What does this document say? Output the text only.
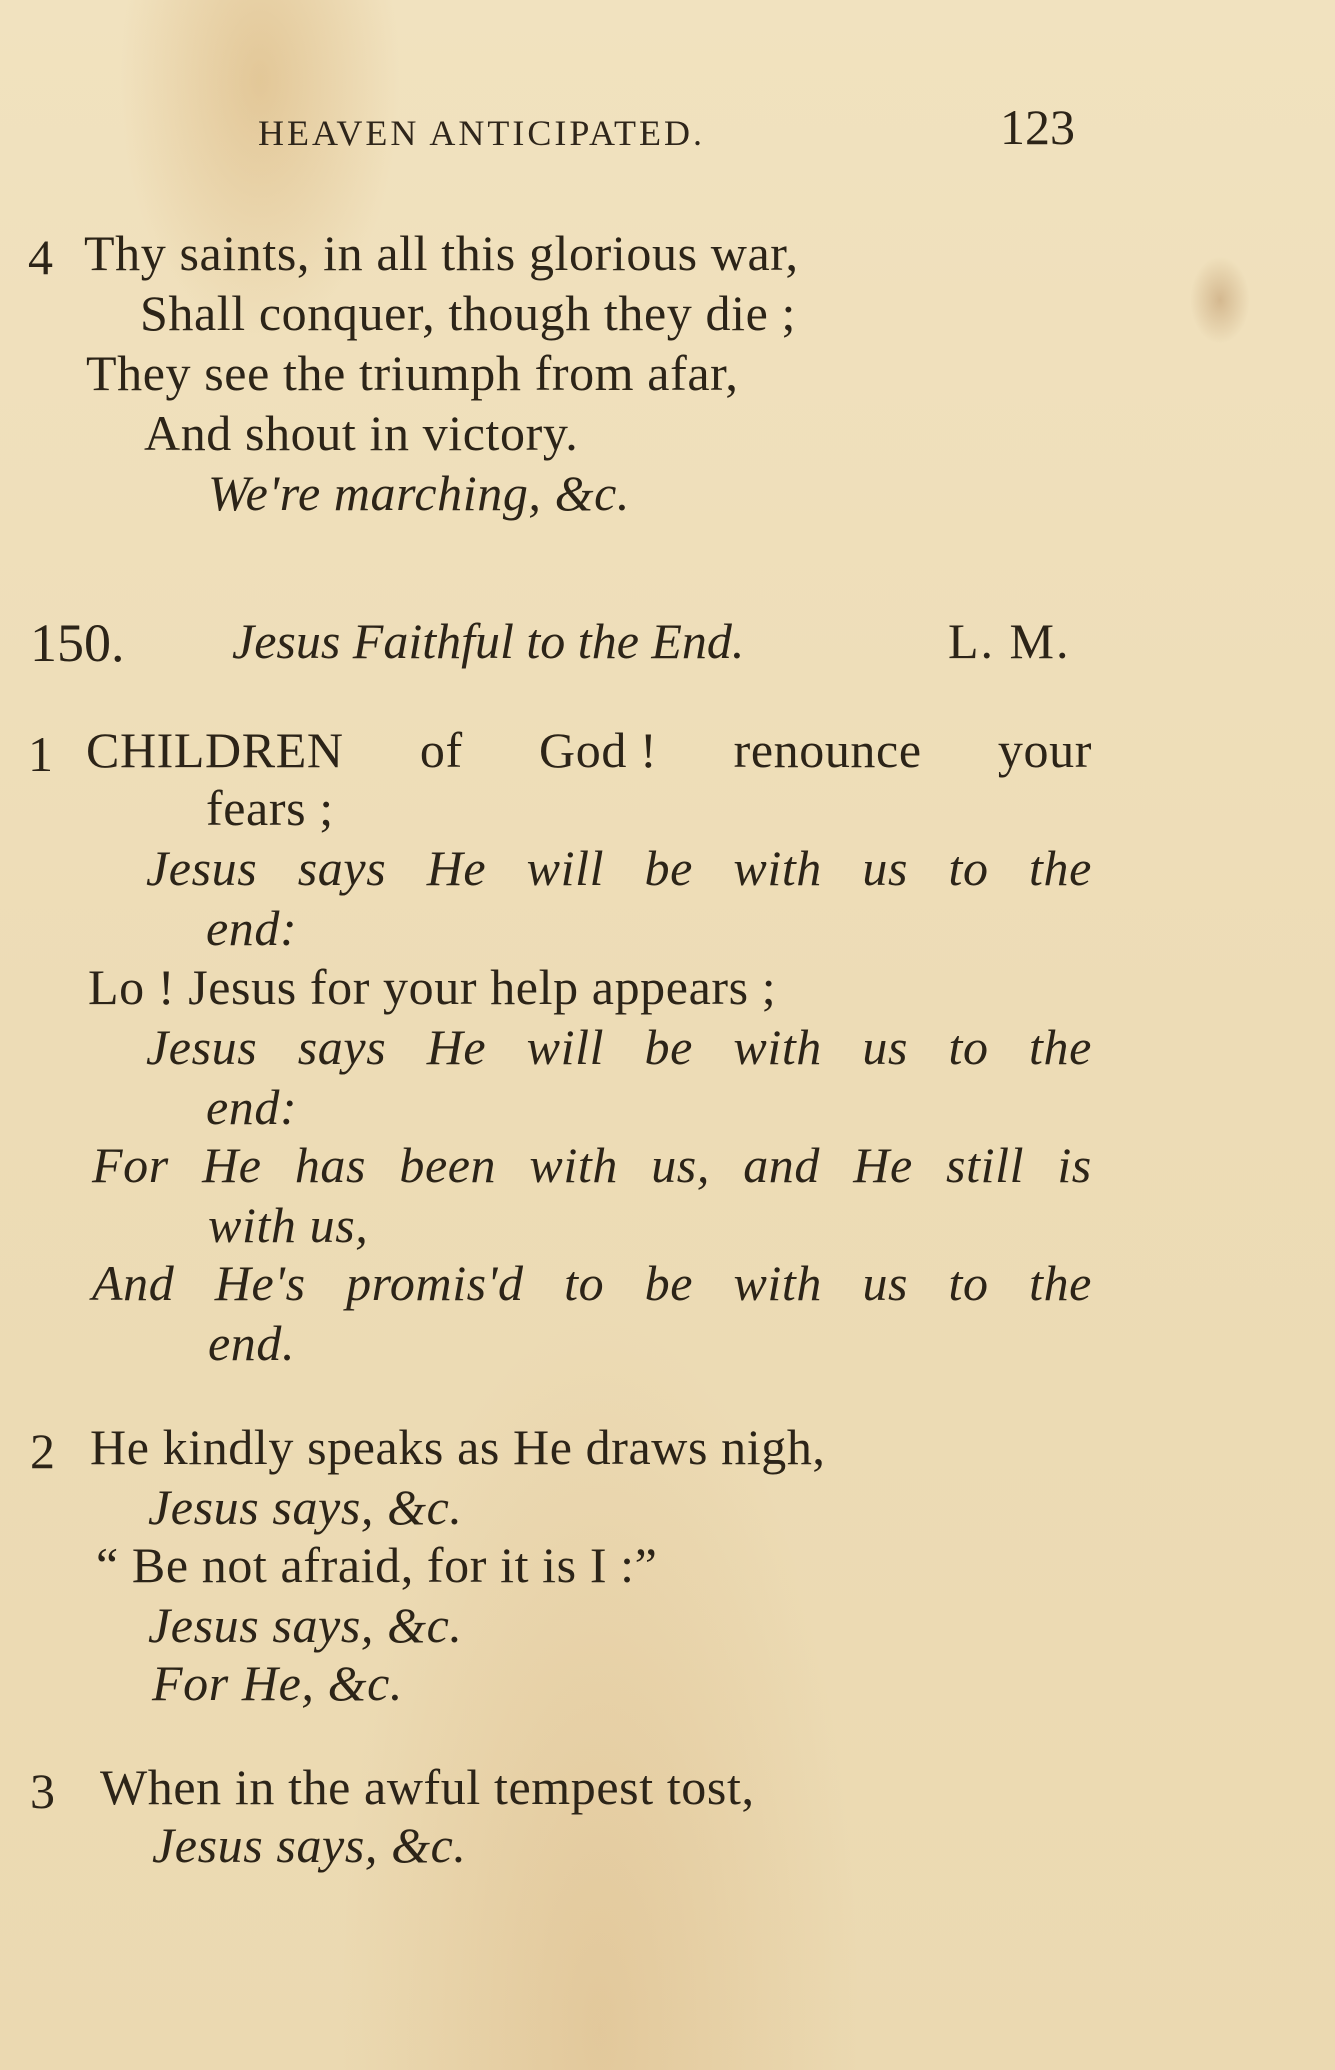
HEAVEN ANTICIPATED.	123
4 Thy saints, in all this glorious war,
Shall conquer, though they die ;
They see the triumph from afar,
And shout in victory.
We're marching, &c.
150. Jesus Faithful to the End.	L. M.
1 CHILDREN of God ! renounce your
fears ;
Jesus says He will be with us to the
end:
Lo ! Jesus for your help appears ;
Jesus says He will be with us to the
end:
For He has been with us, and He still is
with us,
And He's promis'd to be with us to the
end.
2 He kindly speaks as He draws nigh,
Jesus says, &c.
“ Be not afraid, for it is I :”
Jesus says, &c.
For He, &c.
3 When in the awful tempest tost,
Jesus says, &c.
